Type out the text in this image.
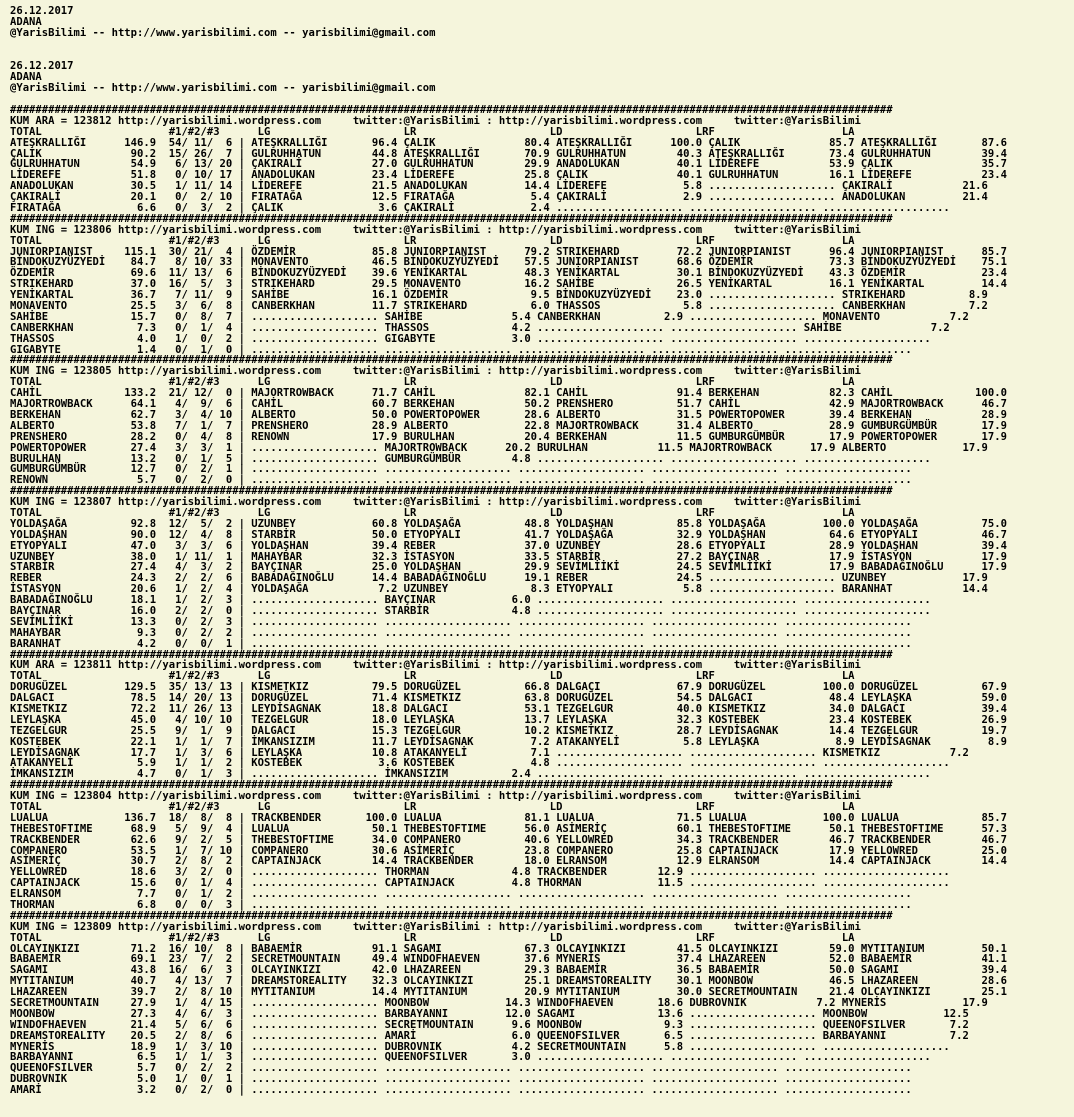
26.12.2017
ADANA
@YarisBilimi -- http://www.yarisbilimi.com -- yarisbilimi@gmail.com
26.12.2017
ADANA
@YarisBilimi -- http://www.yarisbilimi.com -- yarisbilimi@gmail.com
###########################################################################################################################################
KUM ARA = 123812 http://yarisbilimi.wordpress.com     twitter:@YarisBilimi : http://yarisbilimi.wordpress.com     twitter:@YarisBilimi
TOTAL                    #1/#2/#3      LG                     LR                     LD                     LRF                    LA
ATEŞKRALLIĞI      146.9  54/ 11/  6 | ATEŞKRALLIĞI       96.4 ÇALIK              80.4 ATEŞKRALLIĞI      100.0 ÇALIK              85.7 ATEŞKRALLIĞI       87.6
ÇALIK              90.2  15/ 26/  7 | GULRUHHATUN        44.8 ATEŞKRALLIĞI       70.9 GULRUHHATUN        40.3 ATEŞKRALLIĞI       73.4 GULRUHHATUN        39.4
GULRUHHATUN        54.9   6/ 13/ 20 | ÇAKIRALİ           27.0 GULRUHHATUN        29.9 ANADOLUKAN         40.1 LİDEREFE           53.9 ÇALIK              35.7
LİDEREFE           51.8   0/ 10/ 17 | ANADOLUKAN         23.4 LİDEREFE           25.8 ÇALIK              40.1 GULRUHHATUN        16.1 LİDEREFE           23.4
ANADOLUKAN         30.5   1/ 11/ 14 | LİDEREFE           21.5 ANADOLUKAN         14.4 LİDEREFE            5.8 .................... ÇAKIRALİ           21.6
ÇAKIRALİ           20.1   0/  2/ 10 | FIRATAĞA           12.5 FIRATAĞA            5.4 ÇAKIRALİ            2.9 .................... ANADOLUKAN         21.4
FIRATAĞA            6.6   0/  3/  2 | ÇALIK               3.6 ÇAKIRALİ            2.4 .................... .................... ....................
###########################################################################################################################################
KUM ING = 123806 http://yarisbilimi.wordpress.com     twitter:@YarisBilimi : http://yarisbilimi.wordpress.com     twitter:@YarisBilimi
TOTAL                    #1/#2/#3      LG                     LR                     LD                     LRF                    LA
JUNIORPIANIST     115.1  30/ 21/  4 | ÖZDEMİR            85.8 JUNIORPIANIST      79.2 STRIKEHARD         72.2 JUNIORPIANIST      96.4 JUNIORPIANIST      85.7
BİNDOKUZYÜZYEDİ    84.7   8/ 10/ 33 | MONAVENTO          46.5 BİNDOKUZYÜZYEDİ    57.5 JUNIORPIANIST      68.6 ÖZDEMİR            73.3 BİNDOKUZYÜZYEDİ    75.1
ÖZDEMİR            69.6  11/ 13/  6 | BİNDOKUZYÜZYEDİ    39.6 YENİKARTAL         48.3 YENİKARTAL         30.1 BİNDOKUZYÜZYEDİ    43.3 ÖZDEMİR            23.4
STRIKEHARD         37.0  16/  5/  3 | STRIKEHARD         29.5 MONAVENTO          16.2 SAHİBE             26.5 YENİKARTAL         16.1 YENİKARTAL         14.4
YENİKARTAL         36.7   7/ 11/  9 | SAHİBE             16.1 ÖZDEMİR             9.5 BİNDOKUZYÜZYEDİ    23.0 .................... STRIKEHARD          8.9
MONAVENTO          25.5   3/  6/  8 | CANBERKHAN         11.7 STRIKEHARD          6.0 THASSOS             5.8 .................... CANBERKHAN          7.2
SAHİBE             15.7   0/  8/  7 | .................... SAHİBE              5.4 CANBERKHAN          2.9 .................... MONAVENTO           7.2
CANBERKHAN          7.3   0/  1/  4 | .................... THASSOS             4.2 .................... .................... SAHİBE              7.2
THASSOS             4.0   1/  0/  2 | .................... GIGABYTE            3.0 .................... .................... ....................
GIGABYTE            1.4   0/  1/  0 | .................... .................... .................... .................... ....................
###########################################################################################################################################
KUM ING = 123805 http://yarisbilimi.wordpress.com     twitter:@YarisBilimi : http://yarisbilimi.wordpress.com     twitter:@YarisBilimi
TOTAL                    #1/#2/#3      LG                     LR                     LD                     LRF                    LA
CAHİL             133.2  21/ 12/  0 | MAJORTROWBACK      71.7 CAHİL              82.1 CAHİL              91.4 BERKEHAN           82.3 CAHİL             100.0
MAJORTROWBACK      64.1   4/  9/  6 | CAHİL              60.7 BERKEHAN           50.2 PRENSHERO          51.7 CAHİL              42.9 MAJORTROWBACK      46.7
BERKEHAN           62.7   3/  4/ 10 | ALBERTO            50.0 POWERTOPOWER       28.6 ALBERTO            31.5 POWERTOPOWER       39.4 BERKEHAN           28.9
ALBERTO            53.8   7/  1/  7 | PRENSHERO          28.9 ALBERTO            22.8 MAJORTROWBACK      31.4 ALBERTO            28.9 GUMBURGÜMBÜR       17.9
PRENSHERO          28.2   0/  4/  8 | RENOWN             17.9 BURULHAN           20.4 BERKEHAN           11.5 GUMBURGÜMBÜR       17.9 POWERTOPOWER       17.9
POWERTOPOWER       27.4   3/  3/  1 | .................... MAJORTROWBACK      20.2 BURULHAN           11.5 MAJORTROWBACK      17.9 ALBERTO            17.9
BURULHAN           13.2   0/  1/  5 | .................... GUMBURGÜMBÜR        4.8 .................... .................... ....................
GUMBURGÜMBÜR       12.7   0/  2/  1 | .................... .................... .................... .................... ....................
RENOWN              5.7   0/  2/  0 | .................... .................... .................... .................... ....................
###########################################################################################################################################
KUM ING = 123807 http://yarisbilimi.wordpress.com     twitter:@YarisBilimi : http://yarisbilimi.wordpress.com     twitter:@YarisBilimi
TOTAL                    #1/#2/#3      LG                     LR                     LD                     LRF                    LA
YOLDAŞAĞA          92.8  12/  5/  2 | UZUNBEY            60.8 YOLDAŞAĞA          48.8 YOLDAŞHAN          85.8 YOLDAŞAĞA         100.0 YOLDAŞAĞA          75.0
YOLDAŞHAN          90.0  12/  4/  8 | STARBİR            50.0 ETYOPYALI          41.7 YOLDAŞAĞA          32.9 YOLDAŞHAN          64.6 ETYOPYALI          46.7
ETYOPYALI          47.0   3/  3/  6 | YOLDAŞHAN          39.4 REBER              37.0 UZUNBEY            28.6 ETYOPYALI          28.9 YOLDAŞHAN          39.4
UZUNBEY            38.0   1/ 11/  1 | MAHAYBAR           32.3 İSTASYON           33.5 STARBİR            27.2 BAYÇINAR           17.9 İSTASYON           17.9
STARBİR            27.4   4/  3/  2 | BAYÇINAR           25.0 YOLDAŞHAN          29.9 SEVİMLİİKİ         24.5 SEVİMLİİKİ         17.9 BABADAĞINOĞLU      17.9
REBER              24.3   2/  2/  6 | BABADAĞINOĞLU      14.4 BABADAĞINOĞLU      19.1 REBER              24.5 .................... UZUNBEY            17.9
İSTASYON           20.6   1/  2/  4 | YOLDAŞAĞA           7.2 UZUNBEY             8.3 ETYOPYALI           5.8 .................... BARANHAT           14.4
BABADAĞINOĞLU      18.1   1/  2/  3 | .................... BAYÇINAR            6.0 .................... .................... ....................
BAYÇINAR           16.0   2/  2/  0 | .................... STARBİR             4.8 .................... .................... ....................
SEVİMLİİKİ         13.3   0/  2/  3 | .................... .................... .................... .................... ....................
MAHAYBAR            9.3   0/  2/  2 | .................... .................... .................... .................... ....................
BARANHAT            4.2   0/  0/  1 | .................... .................... .................... .................... ....................
###########################################################################################################################################
KUM ARA = 123811 http://yarisbilimi.wordpress.com     twitter:@YarisBilimi : http://yarisbilimi.wordpress.com     twitter:@YarisBilimi
TOTAL                    #1/#2/#3      LG                     LR                     LD                     LRF                    LA
DORUGÜZEL         129.5  35/ 13/ 13 | KISMETKIZ          79.5 DORUGÜZEL          66.8 DALGAÇI            67.9 DORUGÜZEL         100.0 DORUGÜZEL          67.9
DALGACI            78.5  14/ 20/ 13 | DORUGÜZEL          71.4 KISMETKIZ          63.8 DORUGÜZEL          54.5 DALGACI            48.4 LEYLAŞKA           59.0
KISMETKIZ          72.2  11/ 26/ 13 | LEYDİSAGNAK        18.8 DALGACI            53.1 TEZGELGUR          40.0 KISMETKIZ          34.0 DALGACI            39.4
LEYLAŞKA           45.0   4/ 10/ 10 | TEZGELGUR          18.0 LEYLAŞKA           13.7 LEYLAŞKA           32.3 KOSTEBEK           23.4 KOSTEBEK           26.9
TEZGELGUR          25.5   9/  1/  9 | DALGACI            15.3 TEZGELGUR          10.2 KISMETKIZ          28.7 LEYDİSAGNAK        14.4 TEZGELGUR          19.7
KOSTEBEK           22.1   1/  1/  7 | İMKANSIZIM         11.7 LEYDİSAGNAK         7.2 ATAKANYELİ          5.8 LEYLAŞKA            8.9 LEYDİSAGNAK         8.9
LEYDİSAGNAK        17.7   1/  3/  6 | LEYLAŞKA           10.8 ATAKANYELİ          7.1 .................... .................... KISMETKIZ           7.2
ATAKANYELİ          5.9   1/  1/  2 | KOSTEBEK            3.6 KOSTEBEK            4.8 .................... .................... ....................
İMKANSIZIM          4.7   0/  1/  3 | .................... İMKANSIZIM          2.4 .................... .................... ....................
###########################################################################################################################################
KUM ING = 123804 http://yarisbilimi.wordpress.com     twitter:@YarisBilimi : http://yarisbilimi.wordpress.com     twitter:@YarisBilimi
TOTAL                    #1/#2/#3      LG                     LR                     LD                     LRF                    LA
LUALUA            136.7  18/  8/  8 | TRACKBENDER       100.0 LUALUA             81.1 LUALUA             71.5 LUALUA            100.0 LUALUA             85.7
THEBESTOFTIME      68.9   5/  9/  4 | LUALUA             50.1 THEBESTOFTIME      56.0 ASİMERİÇ           60.1 THEBESTOFTIME      50.1 THEBESTOFTIME      57.3
TRACKBENDER        62.6   9/  2/  5 | THEBESTOFTIME      34.0 COMPANERO          40.6 YELLOWRED          34.3 TRACKBENDER        46.7 TRACKBENDER        46.7
COMPANERO          53.5   1/  7/ 10 | COMPANERO          30.6 ASİMERİÇ           23.8 COMPANERO          25.8 CAPTAINJACK        17.9 YELLOWRED          25.0
ASİMERİÇ           30.7   2/  8/  2 | CAPTAINJACK        14.4 TRACKBENDER        18.0 ELRANSOM           12.9 ELRANSOM           14.4 CAPTAINJACK        14.4
YELLOWRED          18.6   3/  2/  0 | .................... THORMAN             4.8 TRACKBENDER        12.9 .................... ....................
CAPTAINJACK        15.6   0/  1/  4 | .................... CAPTAINJACK         4.8 THORMAN            11.5 .................... ....................
ELRANSOM            7.7   0/  1/  2 | .................... .................... .................... .................... ....................
THORMAN             6.8   0/  0/  3 | .................... .................... .................... .................... ....................
###########################################################################################################################################
KUM ING = 123809 http://yarisbilimi.wordpress.com     twitter:@YarisBilimi : http://yarisbilimi.wordpress.com     twitter:@YarisBilimi
TOTAL                    #1/#2/#3      LG                     LR                     LD                     LRF                    LA
OLCAYINKIZI        71.2  16/ 10/  8 | BABAEMİR           91.1 SAGAMI             67.3 OLCAYINKIZI        41.5 OLCAYINKIZI        59.0 MYTITANIUM         50.1
BABAEMİR           69.1  23/  7/  2 | SECRETMOUNTAIN     49.4 WINDOFHAEVEN       37.6 MYNERİS            37.4 LHAZAREEN          52.0 BABAEMİR           41.1
SAGAMI             43.8  16/  6/  3 | OLCAYINKIZI        42.0 LHAZAREEN          29.3 BABAEMİR           36.5 BABAEMİR           50.0 SAGAMI             39.4
MYTITANIUM         40.7   4/ 13/  7 | DREAMSTOREALITY    32.3 OLCAYINKIZI        25.1 DREAMSTOREALITY    30.1 MOONBOW            46.5 LHAZAREEN          28.6
LHAZAREEN          39.7   2/  8/ 10 | MYTITANIUM         14.4 MYTITANIUM         20.9 MYTITANIUM         30.0 SECRETMOUNTAIN     21.4 OLCAYINKIZI        25.1
SECRETMOUNTAIN     27.9   1/  4/ 15 | .................... MOONBOW            14.3 WINDOFHAEVEN       18.6 DUBROVNIK           7.2 MYNERİS            17.9
MOONBOW            27.3   4/  6/  3 | .................... BARBAYANNI         12.0 SAGAMI             13.6 .................... MOONBOW            12.5
WINDOFHAEVEN       21.4   5/  6/  6 | .................... SECRETMOUNTAIN      9.6 MOONBOW             9.3 .................... QUEENOFSILVER       7.2
DREAMSTOREALITY    20.5   2/  8/  6 | .................... AMARİ               6.0 QUEENOFSILVER       6.5 .................... BARBAYANNI          7.2
MYNERİS            18.9   1/  3/ 10 | .................... DUBROVNIK           4.2 SECRETMOUNTAIN      5.8 .................... ....................
BARBAYANNI          6.5   1/  1/  3 | .................... QUEENOFSILVER       3.0 .................... .................... ....................
QUEENOFSILVER       5.7   0/  2/  2 | .................... .................... .................... .................... ....................
DUBROVNIK           5.0   1/  0/  1 | .................... .................... .................... .................... ....................
AMARİ               3.2   0/  2/  0 | .................... .................... .................... .................... ....................
